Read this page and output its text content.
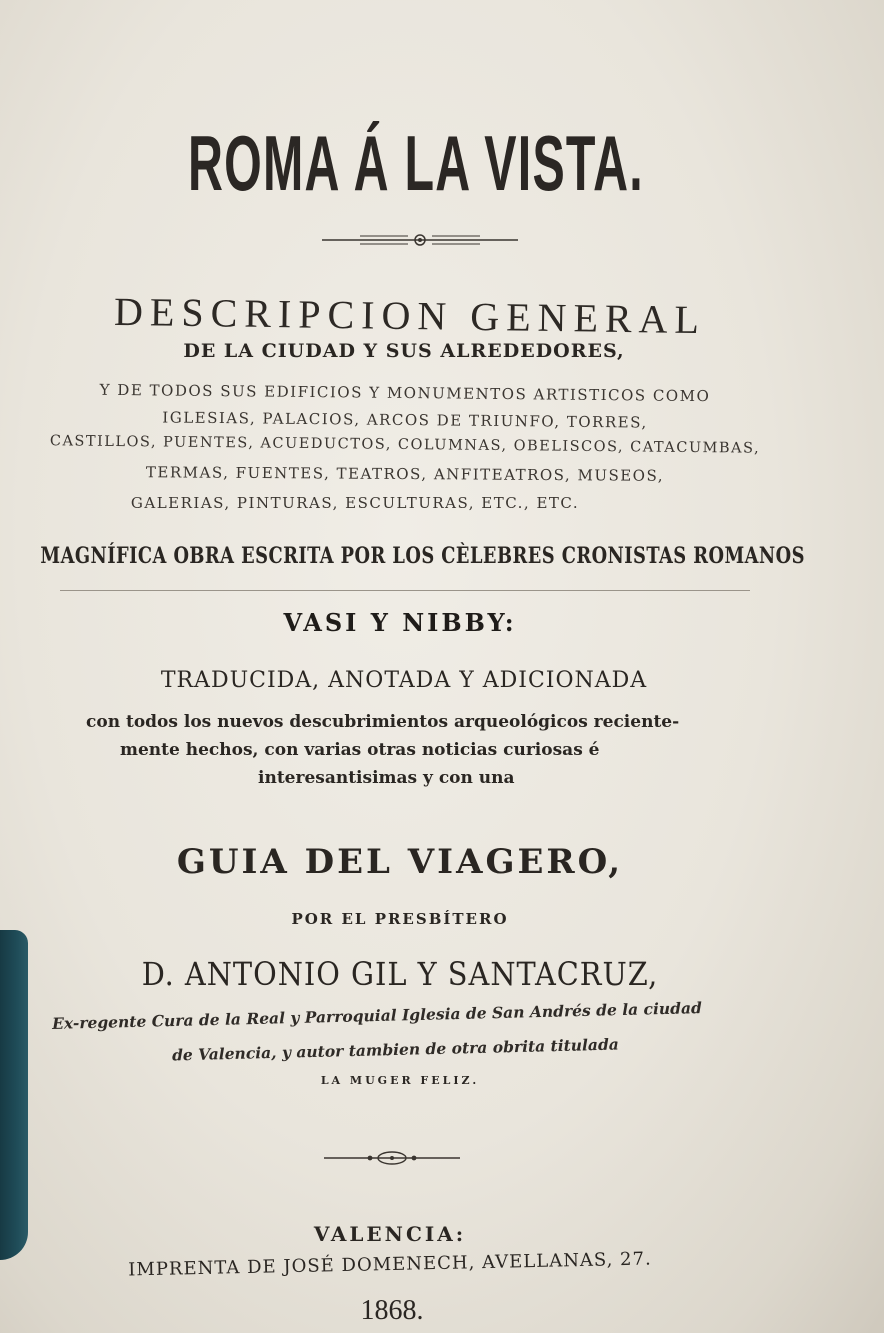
ROMA Á LA VISTA.
DESCRIPCION GENERAL
DE LA CIUDAD Y SUS ALREDEDORES,
Y DE TODOS SUS EDIFICIOS Y MONUMENTOS ARTISTICOS COMO
IGLESIAS, PALACIOS, ARCOS DE TRIUNFO, TORRES,
CASTILLOS, PUENTES, ACUEDUCTOS, COLUMNAS, OBELISCOS, CATACUMBAS,
TERMAS, FUENTES, TEATROS, ANFITEATROS, MUSEOS,
GALERIAS, PINTURAS, ESCULTURAS, ETC., ETC.
MAGNÍFICA OBRA ESCRITA POR LOS CÈLEBRES CRONISTAS ROMANOS
VASI Y NIBBY:
TRADUCIDA, ANOTADA Y ADICIONADA
con todos los nuevos descubrimientos arqueológicos reciente-
mente hechos, con varias otras noticias curiosas é
interesantisimas y con una
GUIA DEL VIAGERO,
POR EL PRESBÍTERO
D. ANTONIO GIL Y SANTACRUZ,
Ex-regente Cura de la Real y Parroquial Iglesia de San Andrés de la ciudad
de Valencia, y autor tambien de otra obrita titulada
LA MUGER FELIZ.
VALENCIA:
IMPRENTA DE JOSÉ DOMENECH, AVELLANAS, 27.
1868.
